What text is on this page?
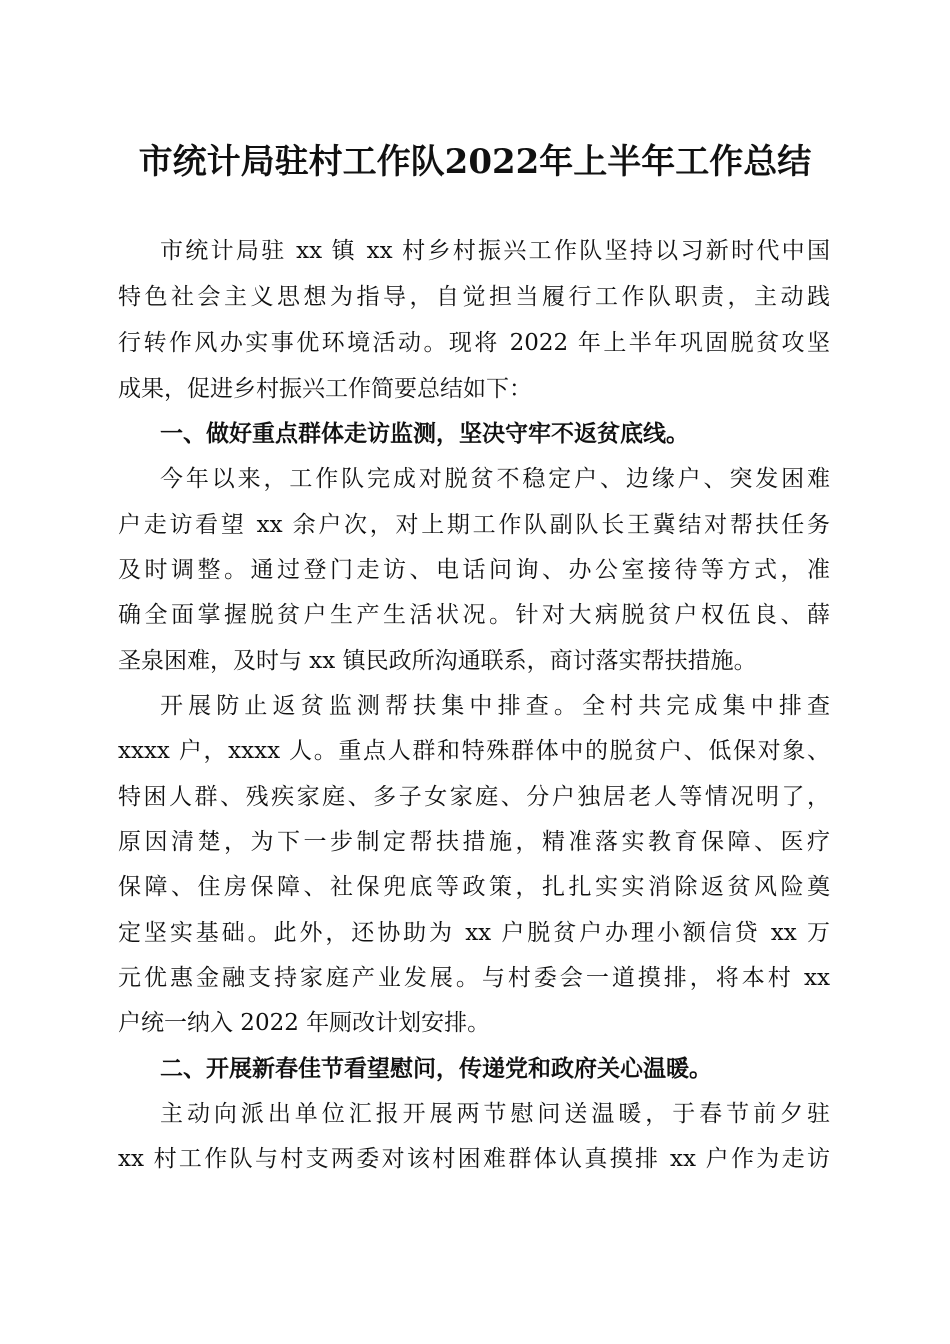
市统计局驻村工作队2022年上半年工作总结
市统计局驻 xx 镇 xx 村乡村振兴工作队坚持以习新时代中国
特色社会主义思想为指导，自觉担当履行工作队职责，主动践
行转作风办实事优环境活动。现将 2022 年上半年巩固脱贫攻坚
成果，促进乡村振兴工作简要总结如下：
一、做好重点群体走访监测，坚决守牢不返贫底线。
今年以来，工作队完成对脱贫不稳定户、边缘户、突发困难
户走访看望 xx 余户次，对上期工作队副队长王冀结对帮扶任务
及时调整。通过登门走访、电话问询、办公室接待等方式，准
确全面掌握脱贫户生产生活状况。针对大病脱贫户权伍良、薛
圣泉困难，及时与 xx 镇民政所沟通联系，商讨落实帮扶措施。
开展防止返贫监测帮扶集中排查。全村共完成集中排查
xxxx 户，xxxx 人。重点人群和特殊群体中的脱贫户、低保对象、
特困人群、残疾家庭、多子女家庭、分户独居老人等情况明了，
原因清楚，为下一步制定帮扶措施，精准落实教育保障、医疗
保障、住房保障、社保兜底等政策，扎扎实实消除返贫风险奠
定坚实基础。此外，还协助为 xx 户脱贫户办理小额信贷 xx 万
元优惠金融支持家庭产业发展。与村委会一道摸排，将本村 xx
户统一纳入 2022 年厕改计划安排。
二、开展新春佳节看望慰问，传递党和政府关心温暖。
主动向派出单位汇报开展两节慰问送温暖，于春节前夕驻
xx 村工作队与村支两委对该村困难群体认真摸排 xx 户作为走访
